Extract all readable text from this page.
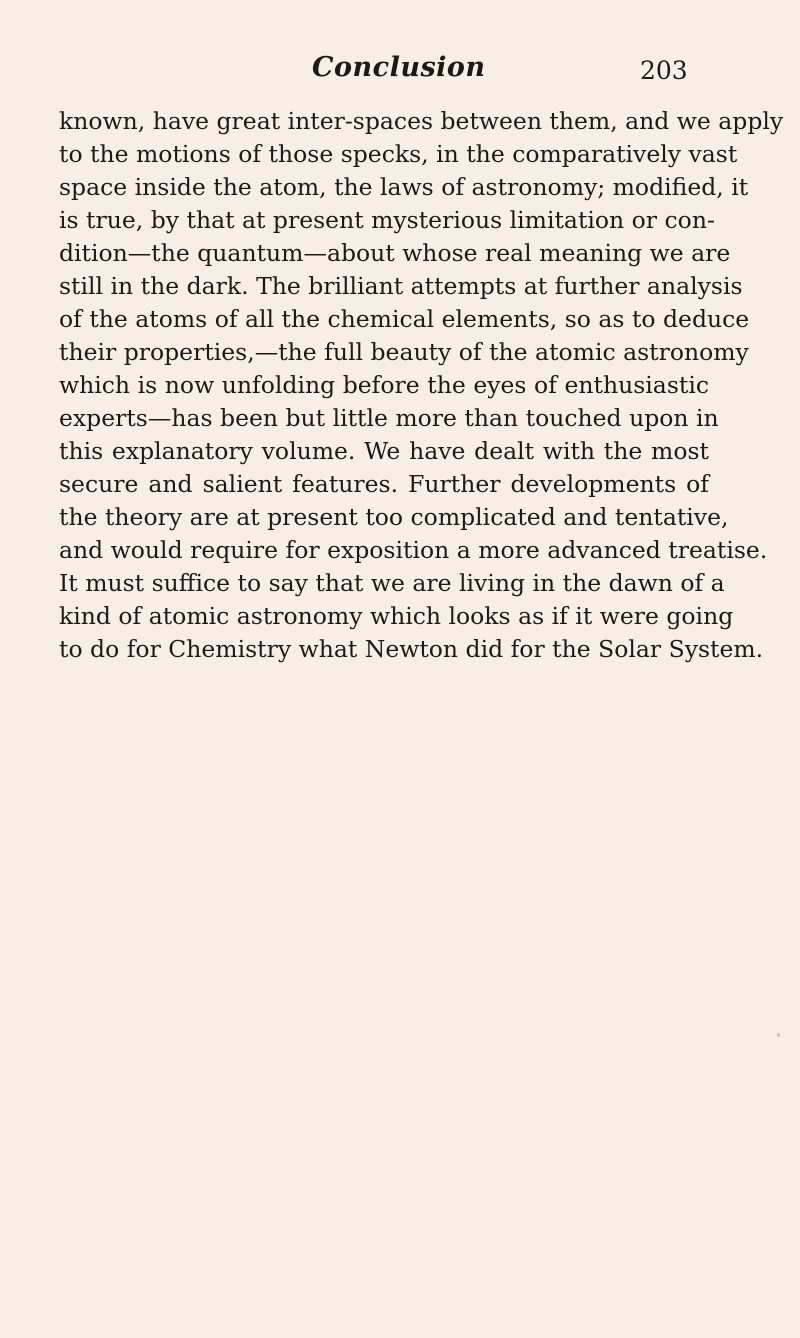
Conclusion	203
known, have great inter-spaces between them, and we apply
to the motions of those specks, in the comparatively vast
space inside the atom, the laws of astronomy; modified, it
is true, by that at present mysterious limitation or con-
dition—the quantum—about whose real meaning we are
still in the dark. The brilliant attempts at further analysis
of the atoms of all the chemical elements, so as to deduce
their properties,—the full beauty of the atomic astronomy
which is now unfolding before the eyes of enthusiastic
experts—has been but little more than touched upon in
this explanatory volume. We have dealt with the most
secure and salient features. Further developments of
the theory are at present too complicated and tentative,
and would require for exposition a more advanced treatise.
It must suffice to say that we are living in the dawn of a
kind of atomic astronomy which looks as if it were going
to do for Chemistry what Newton did for the Solar System.
